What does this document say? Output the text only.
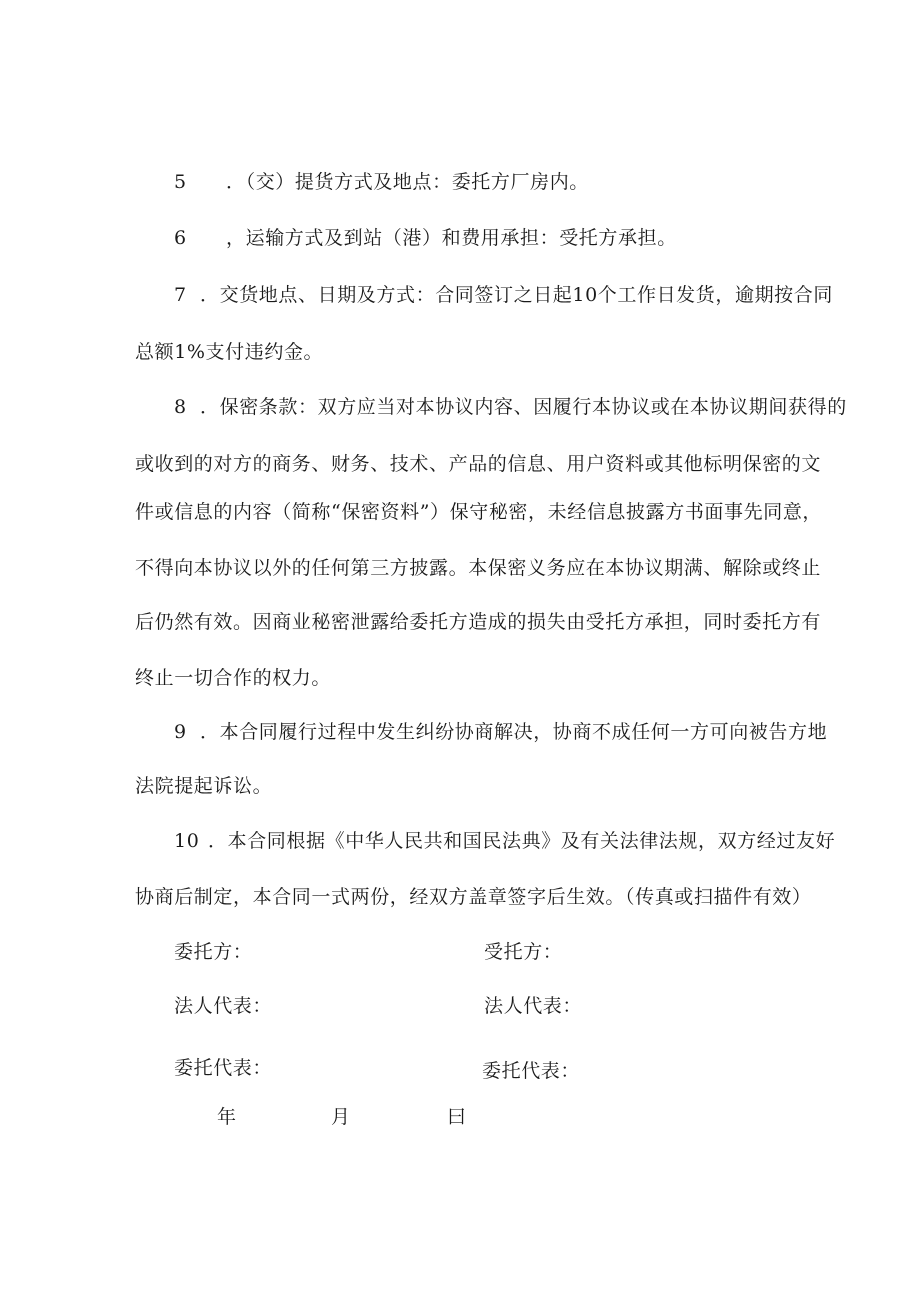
5 ．（交）提货方式及地点：委托方厂房内。
6 ，运输方式及到站（港）和费用承担：受托方承担。
7 ．交货地点、日期及方式：合同签订之日起10个工作日发货，逾期按合同
总额1%支付违约金。
8 ．保密条款：双方应当对本协议内容、因履行本协议或在本协议期间获得的
或收到的对方的商务、财务、技术、产品的信息、用户资料或其他标明保密的文
件或信息的内容（简称“保密资料”）保守秘密，未经信息披露方书面事先同意，
不得向本协议以外的任何第三方披露。本保密义务应在本协议期满、解除或终止
后仍然有效。因商业秘密泄露给委托方造成的损失由受托方承担，同时委托方有
终止一切合作的权力。
9 ．本合同履行过程中发生纠纷协商解决，协商不成任何一方可向被告方地
法院提起诉讼。
10 ．本合同根据《中华人民共和国民法典》及有关法律法规，双方经过友好
协商后制定，本合同一式两份，经双方盖章签字后生效。（传真或扫描件有效）
委托方：	受托方：
法人代表：	法人代表：
委托代表：	委托代表：
年	月	曰
